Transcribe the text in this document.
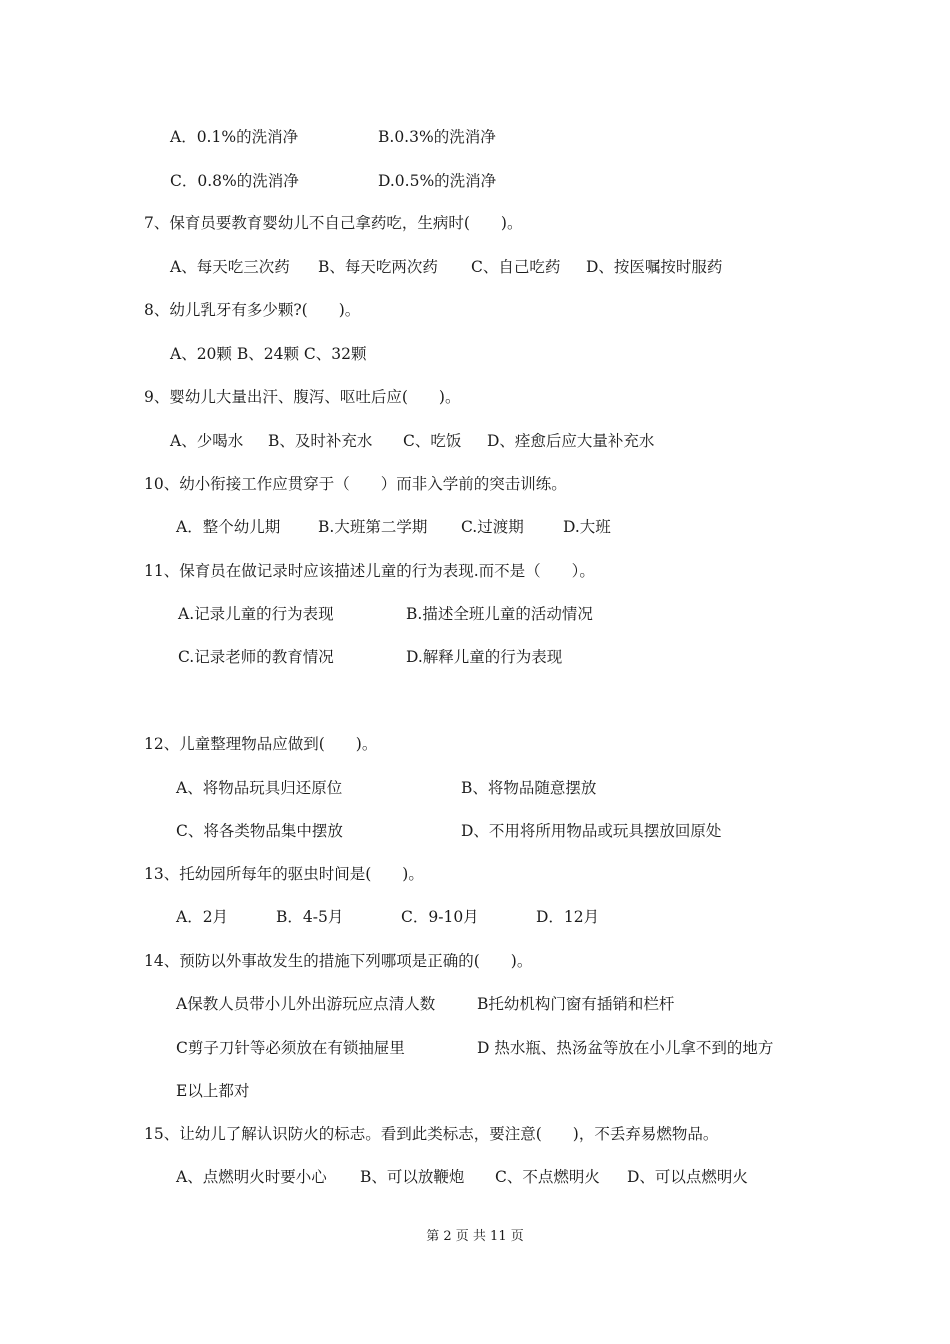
A．0.1%的洗消净	B.0.3%的洗消净
C．0.8%的洗消净	D.0.5%的洗消净
7、保育员要教育婴幼儿不自己拿药吃，生病时(　　)。
A、每天吃三次药 B、每天吃两次药 C、自己吃药 D、按医嘱按时服药
8、幼儿乳牙有多少颗?(　　)。
A、20颗 B、24颗 C、32颗
9、婴幼儿大量出汗、腹泻、呕吐后应(　　)。
A、少喝水 B、及时补充水 C、吃饭 D、痊愈后应大量补充水
10、幼小衔接工作应贯穿于（　　）而非入学前的突击训练。
A．整个幼儿期 B.大班第二学期 C.过渡期	D.大班
11、保育员在做记录时应该描述儿童的行为表现.而不是（　　）。
A.记录儿童的行为表现	B.描述全班儿童的活动情况
C.记录老师的教育情况	D.解释儿童的行为表现
12、儿童整理物品应做到(　　)。
A、将物品玩具归还原位	B、将物品随意摆放
C、将各类物品集中摆放	D、不用将所用物品或玩具摆放回原处
13、托幼园所每年的驱虫时间是(　　)。
A．2月	B．4-5月	C．9-10月	D．12月
14、预防以外事故发生的措施下列哪项是正确的(　　)。
A保教人员带小儿外出游玩应点清人数	B托幼机构门窗有插销和栏杆
C剪子刀针等必须放在有锁抽屉里	D 热水瓶、热汤盆等放在小儿拿不到的地方
E以上都对
15、让幼儿了解认识防火的标志。看到此类标志，要注意(　　)，不丢弃易燃物品。
A、点燃明火时要小心 B、可以放鞭炮 C、不点燃明火 D、可以点燃明火
第 2 页 共 11 页
